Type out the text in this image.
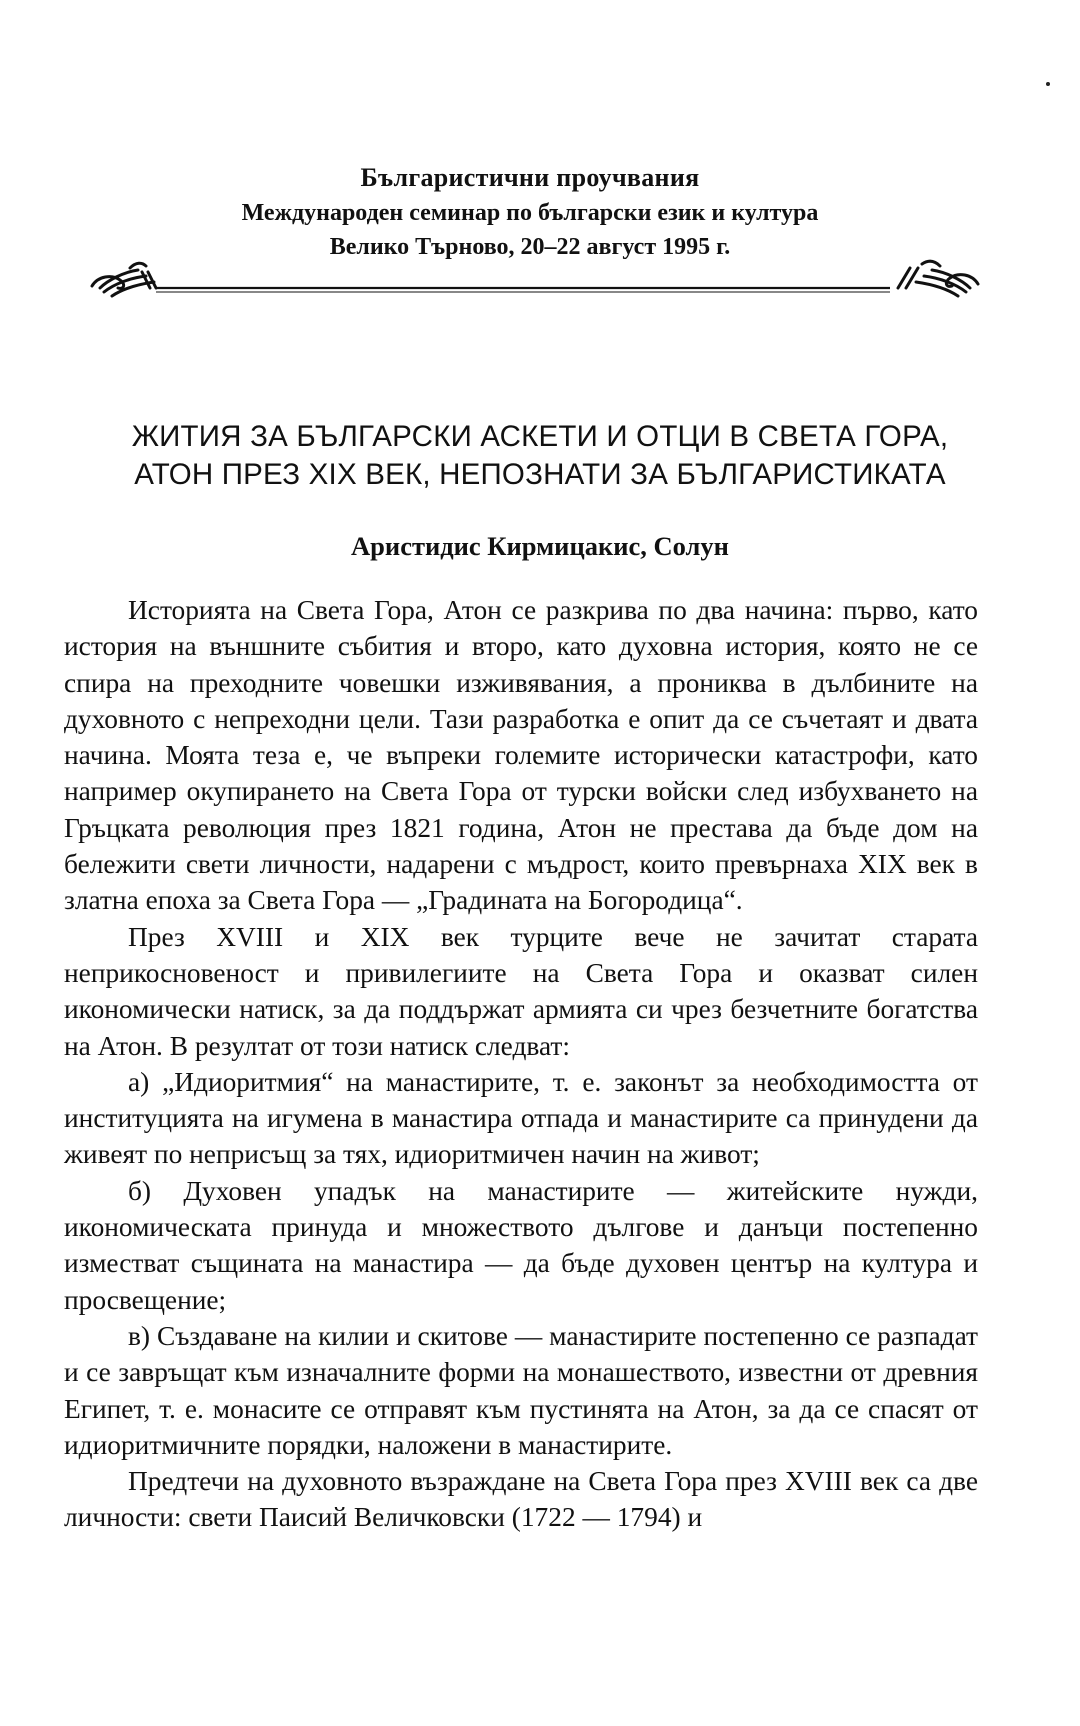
Българистични проучвания
Международен семинар по български език и култура
Велико Търново, 20–22 август 1995 г.
ЖИТИЯ ЗА БЪЛГАРСКИ АСКЕТИ И ОТЦИ В СВЕТА ГОРА,
АТОН ПРЕЗ XIX ВЕК, НЕПОЗНАТИ ЗА БЪЛГАРИСТИКАТА
Аристидис Кирмицакис, Солун

Историята на Света Гора, Атон се разкрива по два начина: първо, като история на външните събития и второ, като духовна история, която не се спира на преходните човешки изживявания, а прониква в дълбините на духовното с непреходни цели. Тази разработка е опит да се съчетаят и двата начина. Моята теза е, че въпреки големите исторически катастрофи, като например окупирането на Света Гора от турски войски след избухването на Гръцката революция през 1821 година, Атон не престава да бъде дом на бележити свети личности, надарени с мъдрост, които превърнаха XIX век в златна епоха за Света Гора — „Градината на Богородица“.

През XVIII и XIX век турците вече не зачитат старата неприкосновеност и привилегиите на Света Гора и оказват силен икономически натиск, за да поддържат армията си чрез безчетните богатства на Атон. В резултат от този натиск следват:

а) „Идиоритмия“ на манастирите, т. е. законът за необходимостта от институцията на игумена в манастира отпада и манастирите са принудени да живеят по неприсъщ за тях, идиоритмичен начин на живот;

б) Духовен упадък на манастирите — житейските нужди, икономическата принуда и множеството дългове и данъци постепенно изместват същината на манастира — да бъде духовен център на култура и просвещение;

в) Създаване на килии и скитове — манастирите постепенно се разпадат и се завръщат към изначалните форми на монашеството, известни от древния Египет, т. е. монасите се отправят към пустинята на Атон, за да се спасят от идиоритмичните порядки, наложени в манастирите.

Предтечи на духовното възраждане на Света Гора през XVIII век са две личности: свети Паисий Величковски (1722 — 1794) и
